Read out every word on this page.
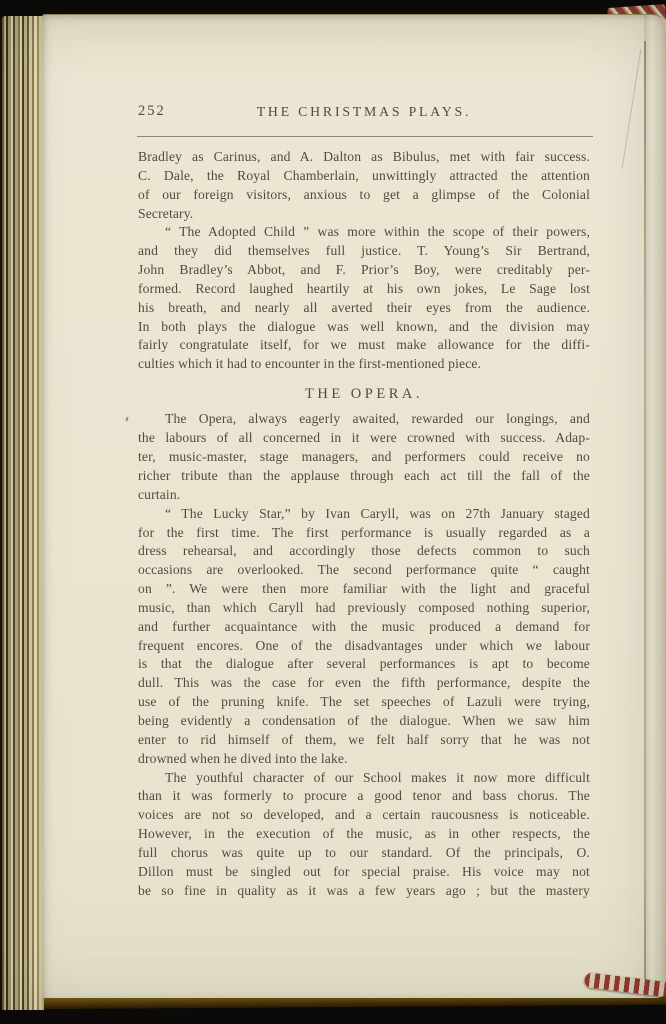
252	THE CHRISTMAS PLAYS.
Bradley as Carinus, and A. Dalton as Bibulus, met with fair success.
C. Dale, the Royal Chamberlain, unwittingly attracted the attention
of our foreign visitors, anxious to get a glimpse of the Colonial
Secretary.
“ The Adopted Child ” was more within the scope of their powers,
and they did themselves full justice. T. Young’s Sir Bertrand,
John Bradley’s Abbot, and F. Prior’s Boy, were creditably per-
formed. Record laughed heartily at his own jokes, Le Sage lost
his breath, and nearly all averted their eyes from the audience.
In both plays the dialogue was well known, and the division may
fairly congratulate itself, for we must make allowance for the diffi-
culties which it had to encounter in the first-mentioned piece.
THE OPERA.
The Opera, always eagerly awaited, rewarded our longings, and
the labours of all concerned in it were crowned with success. Adap-
ter, music-master, stage managers, and performers could receive no
richer tribute than the applause through each act till the fall of the
curtain.
“ The Lucky Star,” by Ivan Caryll, was on 27th January staged
for the first time. The first performance is usually regarded as a
dress rehearsal, and accordingly those defects common to such
occasions are overlooked. The second performance quite “ caught
on ”. We were then more familiar with the light and graceful
music, than which Caryll had previously composed nothing superior,
and further acquaintance with the music produced a demand for
frequent encores. One of the disadvantages under which we labour
is that the dialogue after several performances is apt to become
dull. This was the case for even the fifth performance, despite the
use of the pruning knife. The set speeches of Lazuli were trying,
being evidently a condensation of the dialogue. When we saw him
enter to rid himself of them, we felt half sorry that he was not
drowned when he dived into the lake.
The youthful character of our School makes it now more difficult
than it was formerly to procure a good tenor and bass chorus. The
voices are not so developed, and a certain raucousness is noticeable.
However, in the execution of the music, as in other respects, the
full chorus was quite up to our standard. Of the principals, O.
Dillon must be singled out for special praise. His voice may not
be so fine in quality as it was a few years ago ; but the mastery
